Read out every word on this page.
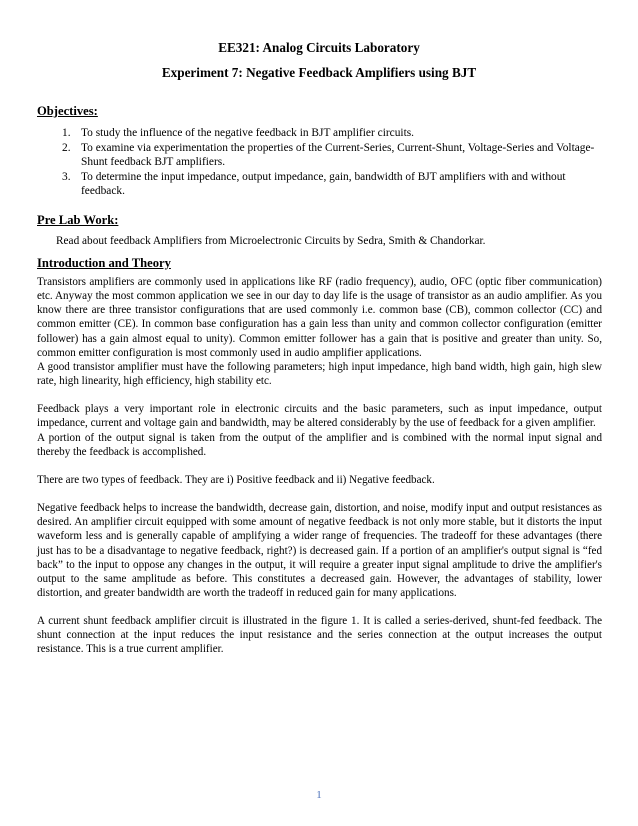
EE321: Analog Circuits Laboratory
Experiment 7: Negative Feedback Amplifiers using BJT
Objectives:
1. To study the influence of the negative feedback in BJT amplifier circuits.
2. To examine via experimentation the properties of the Current-Series, Current-Shunt, Voltage-Series and Voltage-Shunt feedback BJT amplifiers.
3. To determine the input impedance, output impedance, gain, bandwidth of BJT amplifiers with and without feedback.
Pre Lab Work:
Read about feedback Amplifiers from Microelectronic Circuits by Sedra, Smith & Chandorkar.
Introduction and Theory

Transistors amplifiers are commonly used in applications like RF (radio frequency), audio, OFC (optic fiber communication) etc. Anyway the most common application we see in our day to day life is the usage of transistor as an audio amplifier. As you know there are three transistor configurations that are used commonly i.e. common base (CB), common collector (CC) and common emitter (CE). In common base configuration has a gain less than unity and common collector configuration (emitter follower) has a gain almost equal to unity). Common emitter follower has a gain that is positive and greater than unity. So, common emitter configuration is most commonly used in audio amplifier applications.

A good transistor amplifier must have the following parameters; high input impedance, high band width, high gain, high slew rate, high linearity, high efficiency, high stability etc.

Feedback plays a very important role in electronic circuits and the basic parameters, such as input impedance, output impedance, current and voltage gain and bandwidth, may be altered considerably by the use of feedback for a given amplifier.

A portion of the output signal is taken from the output of the amplifier and is combined with the normal input signal and thereby the feedback is accomplished.

There are two types of feedback. They are i) Positive feedback and ii) Negative feedback.

Negative feedback helps to increase the bandwidth, decrease gain, distortion, and noise, modify input and output resistances as desired. An amplifier circuit equipped with some amount of negative feedback is not only more stable, but it distorts the input waveform less and is generally capable of amplifying a wider range of frequencies. The tradeoff for these advantages (there just has to be a disadvantage to negative feedback, right?) is decreased gain. If a portion of an amplifier's output signal is “fed back” to the input to oppose any changes in the output, it will require a greater input signal amplitude to drive the amplifier's output to the same amplitude as before. This constitutes a decreased gain. However, the advantages of stability, lower distortion, and greater bandwidth are worth the tradeoff in reduced gain for many applications.

A current shunt feedback amplifier circuit is illustrated in the figure 1. It is called a series-derived, shunt-fed feedback. The shunt connection at the input reduces the input resistance and the series connection at the output increases the output resistance. This is a true current amplifier.

1
